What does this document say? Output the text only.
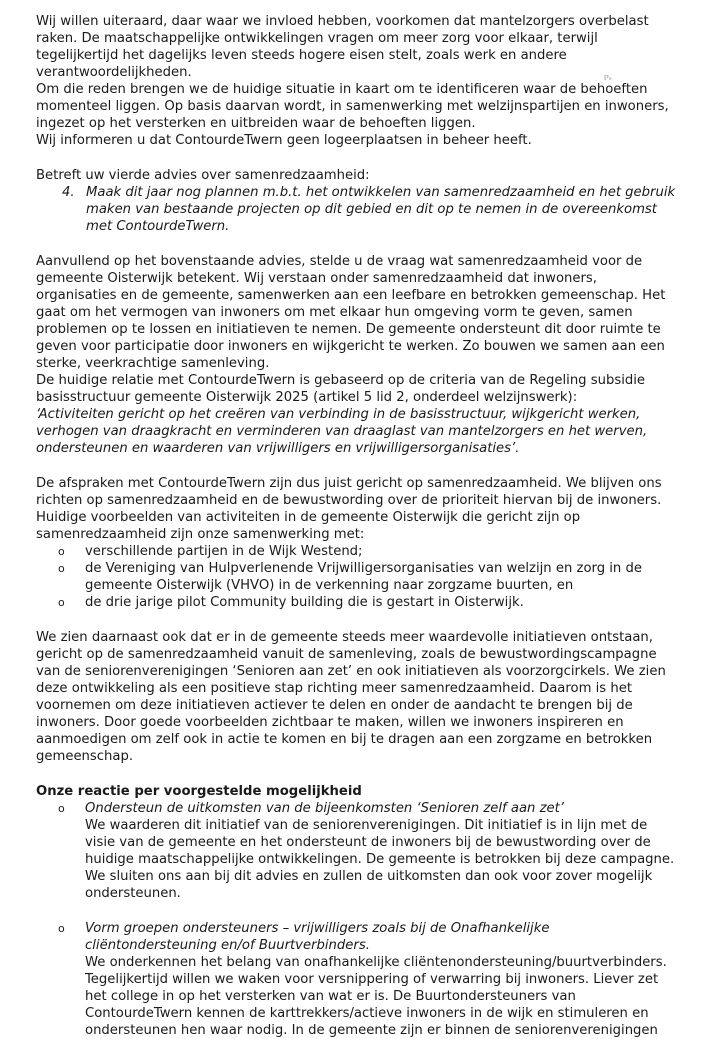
ℙₑ

Wij willen uiteraard, daar waar we invloed hebben, voorkomen dat mantelzorgers overbelast

raken. De maatschappelijke ontwikkelingen vragen om meer zorg voor elkaar, terwijl

tegelijkertijd het dagelijks leven steeds hogere eisen stelt, zoals werk en andere

verantwoordelijkheden.

Om die reden brengen we de huidige situatie in kaart om te identificeren waar de behoeften

momenteel liggen. Op basis daarvan wordt, in samenwerking met welzijnspartijen en inwoners,

ingezet op het versterken en uitbreiden waar de behoeften liggen.

Wij informeren u dat ContourdeTwern geen logeerplaatsen in beheer heeft.

Betreft uw vierde advies over samenredzaamheid:

4. Maak dit jaar nog plannen m.b.t. het ontwikkelen van samenredzaamheid en het gebruik

maken van bestaande projecten op dit gebied en dit op te nemen in de overeenkomst

met ContourdeTwern.

Aanvullend op het bovenstaande advies, stelde u de vraag wat samenredzaamheid voor de

gemeente Oisterwijk betekent. Wij verstaan onder samenredzaamheid dat inwoners,

organisaties en de gemeente, samenwerken aan een leefbare en betrokken gemeenschap. Het

gaat om het vermogen van inwoners om met elkaar hun omgeving vorm te geven, samen

problemen op te lossen en initiatieven te nemen. De gemeente ondersteunt dit door ruimte te

geven voor participatie door inwoners en wijkgericht te werken. Zo bouwen we samen aan een

sterke, veerkrachtige samenleving.

De huidige relatie met ContourdeTwern is gebaseerd op de criteria van de Regeling subsidie

basisstructuur gemeente Oisterwijk 2025 (artikel 5 lid 2, onderdeel welzijnswerk):

‘Activiteiten gericht op het creëren van verbinding in de basisstructuur, wijkgericht werken,

verhogen van draagkracht en verminderen van draaglast van mantelzorgers en het werven,

ondersteunen en waarderen van vrijwilligers en vrijwilligersorganisaties’.

De afspraken met ContourdeTwern zijn dus juist gericht op samenredzaamheid. We blijven ons

richten op samenredzaamheid en de bewustwording over de prioriteit hiervan bij de inwoners.

Huidige voorbeelden van activiteiten in de gemeente Oisterwijk die gericht zijn op

samenredzaamheid zijn onze samenwerking met:

o	verschillende partijen in de Wijk Westend;

o	de Vereniging van Hulpverlenende Vrijwilligersorganisaties van welzijn en zorg in de

gemeente Oisterwijk (VHVO) in de verkenning naar zorgzame buurten, en

o	de drie jarige pilot Community building die is gestart in Oisterwijk.

We zien daarnaast ook dat er in de gemeente steeds meer waardevolle initiatieven ontstaan,

gericht op de samenredzaamheid vanuit de samenleving, zoals de bewustwordingscampagne

van de seniorenverenigingen ‘Senioren aan zet’ en ook initiatieven als voorzorgcirkels. We zien

deze ontwikkeling als een positieve stap richting meer samenredzaamheid. Daarom is het

voornemen om deze initiatieven actiever te delen en onder de aandacht te brengen bij de

inwoners. Door goede voorbeelden zichtbaar te maken, willen we inwoners inspireren en

aanmoedigen om zelf ook in actie te komen en bij te dragen aan een zorgzame en betrokken

gemeenschap.

Onze reactie per voorgestelde mogelijkheid

o	Ondersteun de uitkomsten van de bijeenkomsten ‘Senioren zelf aan zet’

We waarderen dit initiatief van de seniorenverenigingen. Dit initiatief is in lijn met de

visie van de gemeente en het ondersteunt de inwoners bij de bewustwording over de

huidige maatschappelijke ontwikkelingen. De gemeente is betrokken bij deze campagne.

We sluiten ons aan bij dit advies en zullen de uitkomsten dan ook voor zover mogelijk

ondersteunen.

o	Vorm groepen ondersteuners – vrijwilligers zoals bij de Onafhankelijke

cliëntondersteuning en/of Buurtverbinders.

We onderkennen het belang van onafhankelijke cliëntenondersteuning/buurtverbinders.

Tegelijkertijd willen we waken voor versnippering of verwarring bij inwoners. Liever zet

het college in op het versterken van wat er is. De Buurtondersteuners van

ContourdeTwern kennen de karttrekkers/actieve inwoners in de wijk en stimuleren en

ondersteunen hen waar nodig. In de gemeente zijn er binnen de seniorenverenigingen
